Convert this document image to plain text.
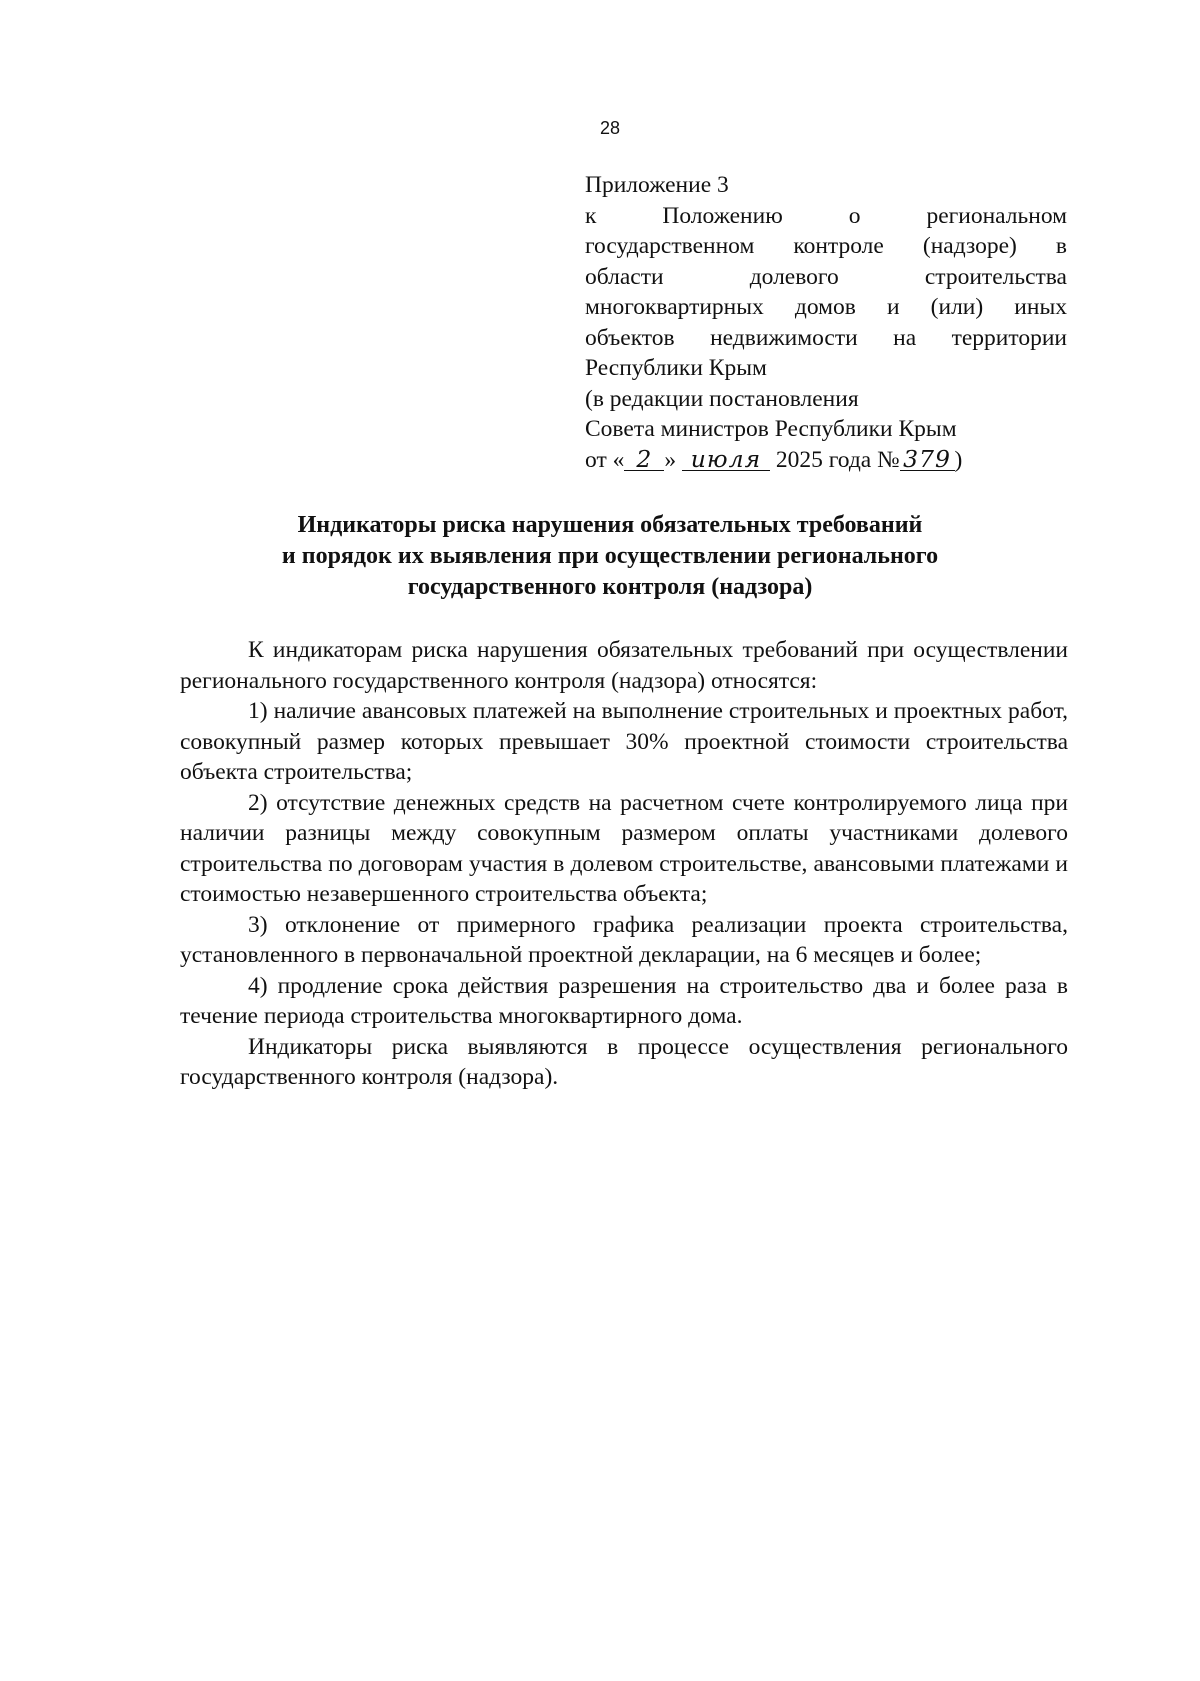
28
Приложение 3
к Положению о региональном
государственном контроле (надзоре) в
области долевого строительства
многоквартирных домов и (или) иных
объектов недвижимости на территории
Республики Крым
(в редакции постановления
Совета министров Республики Крым
от « 2 » июля 2025 года № 379 )
Индикаторы риска нарушения обязательных требований
и порядок их выявления при осуществлении регионального
государственного контроля (надзора)

К индикаторам риска нарушения обязательных требований при осуществлении регионального государственного контроля (надзора) относятся:

1) наличие авансовых платежей на выполнение строительных и проектных работ, совокупный размер которых превышает 30% проектной стоимости строительства объекта строительства;

2) отсутствие денежных средств на расчетном счете контролируемого лица при наличии разницы между совокупным размером оплаты участниками долевого строительства по договорам участия в долевом строительстве, авансовыми платежами и стоимостью незавершенного строительства объекта;

3) отклонение от примерного графика реализации проекта строительства, установленного в первоначальной проектной декларации, на 6 месяцев и более;

4) продление срока действия разрешения на строительство два и более раза в течение периода строительства многоквартирного дома.

Индикаторы риска выявляются в процессе осуществления регионального государственного контроля (надзора).
